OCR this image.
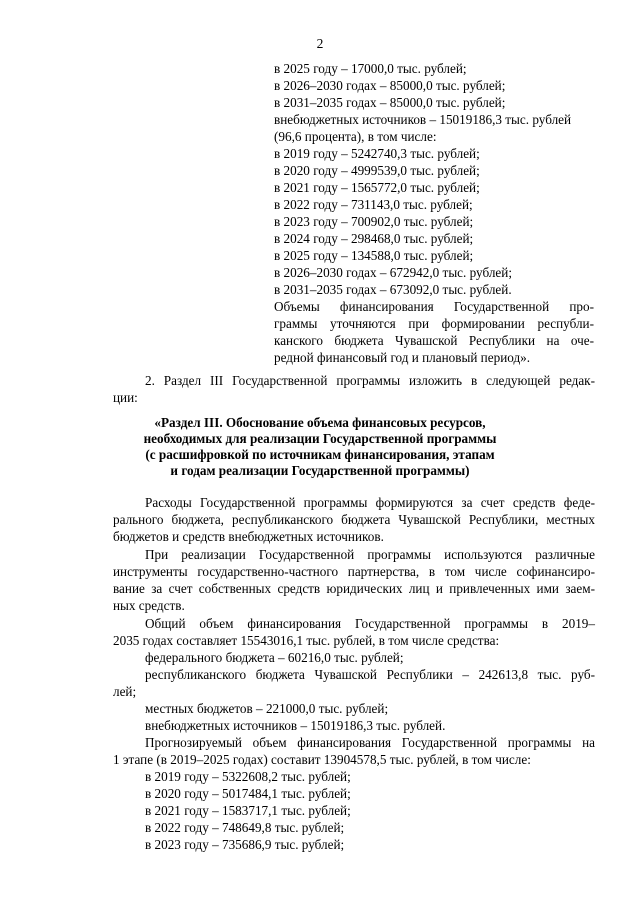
2
в 2025 году – 17000,0 тыс. рублей;
в 2026–2030 годах – 85000,0 тыс. рублей;
в 2031–2035 годах – 85000,0 тыс. рублей;
внебюджетных источников – 15019186,3 тыс. рублей
(96,6 процента), в том числе:
в 2019 году – 5242740,3 тыс. рублей;
в 2020 году – 4999539,0 тыс. рублей;
в 2021 году – 1565772,0 тыс. рублей;
в 2022 году – 731143,0 тыс. рублей;
в 2023 году – 700902,0 тыс. рублей;
в 2024 году – 298468,0 тыс. рублей;
в 2025 году – 134588,0 тыс. рублей;
в 2026–2030 годах – 672942,0 тыс. рублей;
в 2031–2035 годах – 673092,0 тыс. рублей.
Объемы финансирования Государственной про-
граммы уточняются при формировании республи-
канского бюджета Чувашской Республики на оче-
редной финансовый год и плановый период».
2. Раздел III Государственной программы изложить в следующей редак-
ции:
«Раздел III. Обоснование объема финансовых ресурсов,
необходимых для реализации Государственной программы
(с расшифровкой по источникам финансирования, этапам
и годам реализации Государственной программы)
Расходы Государственной программы формируются за счет средств феде-
рального бюджета, республиканского бюджета Чувашской Республики, местных
бюджетов и средств внебюджетных источников.
При реализации Государственной программы используются различные
инструменты государственно-частного партнерства, в том числе софинансиро-
вание за счет собственных средств юридических лиц и привлеченных ими заем-
ных средств.
Общий объем финансирования Государственной программы в 2019–
2035 годах составляет 15543016,1 тыс. рублей, в том числе средства:
федерального бюджета – 60216,0 тыс. рублей;
республиканского бюджета Чувашской Республики – 242613,8 тыс. руб-
лей;
местных бюджетов – 221000,0 тыс. рублей;
внебюджетных источников – 15019186,3 тыс. рублей.
Прогнозируемый объем финансирования Государственной программы на
1 этапе (в 2019–2025 годах) составит 13904578,5 тыс. рублей, в том числе:
в 2019 году – 5322608,2 тыс. рублей;
в 2020 году – 5017484,1 тыс. рублей;
в 2021 году – 1583717,1 тыс. рублей;
в 2022 году – 748649,8 тыс. рублей;
в 2023 году – 735686,9 тыс. рублей;
